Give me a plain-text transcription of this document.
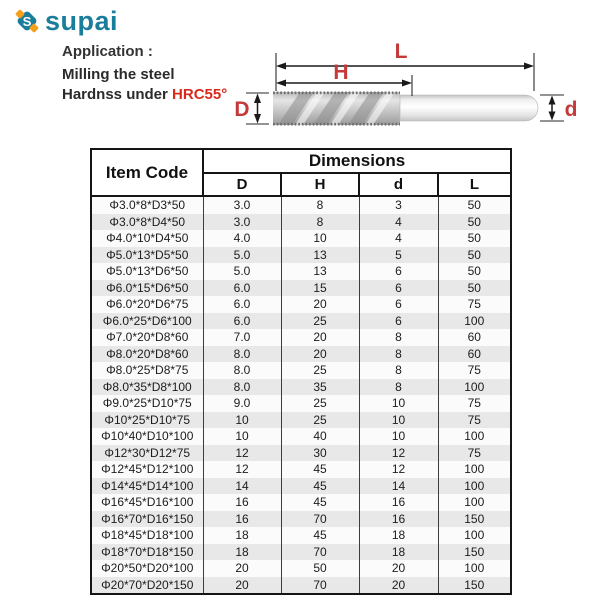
S supai
Application :
Milling the steel
Hardnss under HRC55°
L
H
D	d
Item Code	Dimensions			
	D	H	d	L
Φ3.0*8*D3*50	3.0	8	3	50
Φ3.0*8*D4*50	3.0	8	4	50
Φ4.0*10*D4*50	4.0	10	4	50
Φ5.0*13*D5*50	5.0	13	5	50
Φ5.0*13*D6*50	5.0	13	6	50
Φ6.0*15*D6*50	6.0	15	6	50
Φ6.0*20*D6*75	6.0	20	6	75
Φ6.0*25*D6*100	6.0	25	6	100
Φ7.0*20*D8*60	7.0	20	8	60
Φ8.0*20*D8*60	8.0	20	8	60
Φ8.0*25*D8*75	8.0	25	8	75
Φ8.0*35*D8*100	8.0	35	8	100
Φ9.0*25*D10*75	9.0	25	10	75
Φ10*25*D10*75	10	25	10	75
Φ10*40*D10*100	10	40	10	100
Φ12*30*D12*75	12	30	12	75
Φ12*45*D12*100	12	45	12	100
Φ14*45*D14*100	14	45	14	100
Φ16*45*D16*100	16	45	16	100
Φ16*70*D16*150	16	70	16	150
Φ18*45*D18*100	18	45	18	100
Φ18*70*D18*150	18	70	18	150
Φ20*50*D20*100	20	50	20	100
Φ20*70*D20*150	20	70	20	150
